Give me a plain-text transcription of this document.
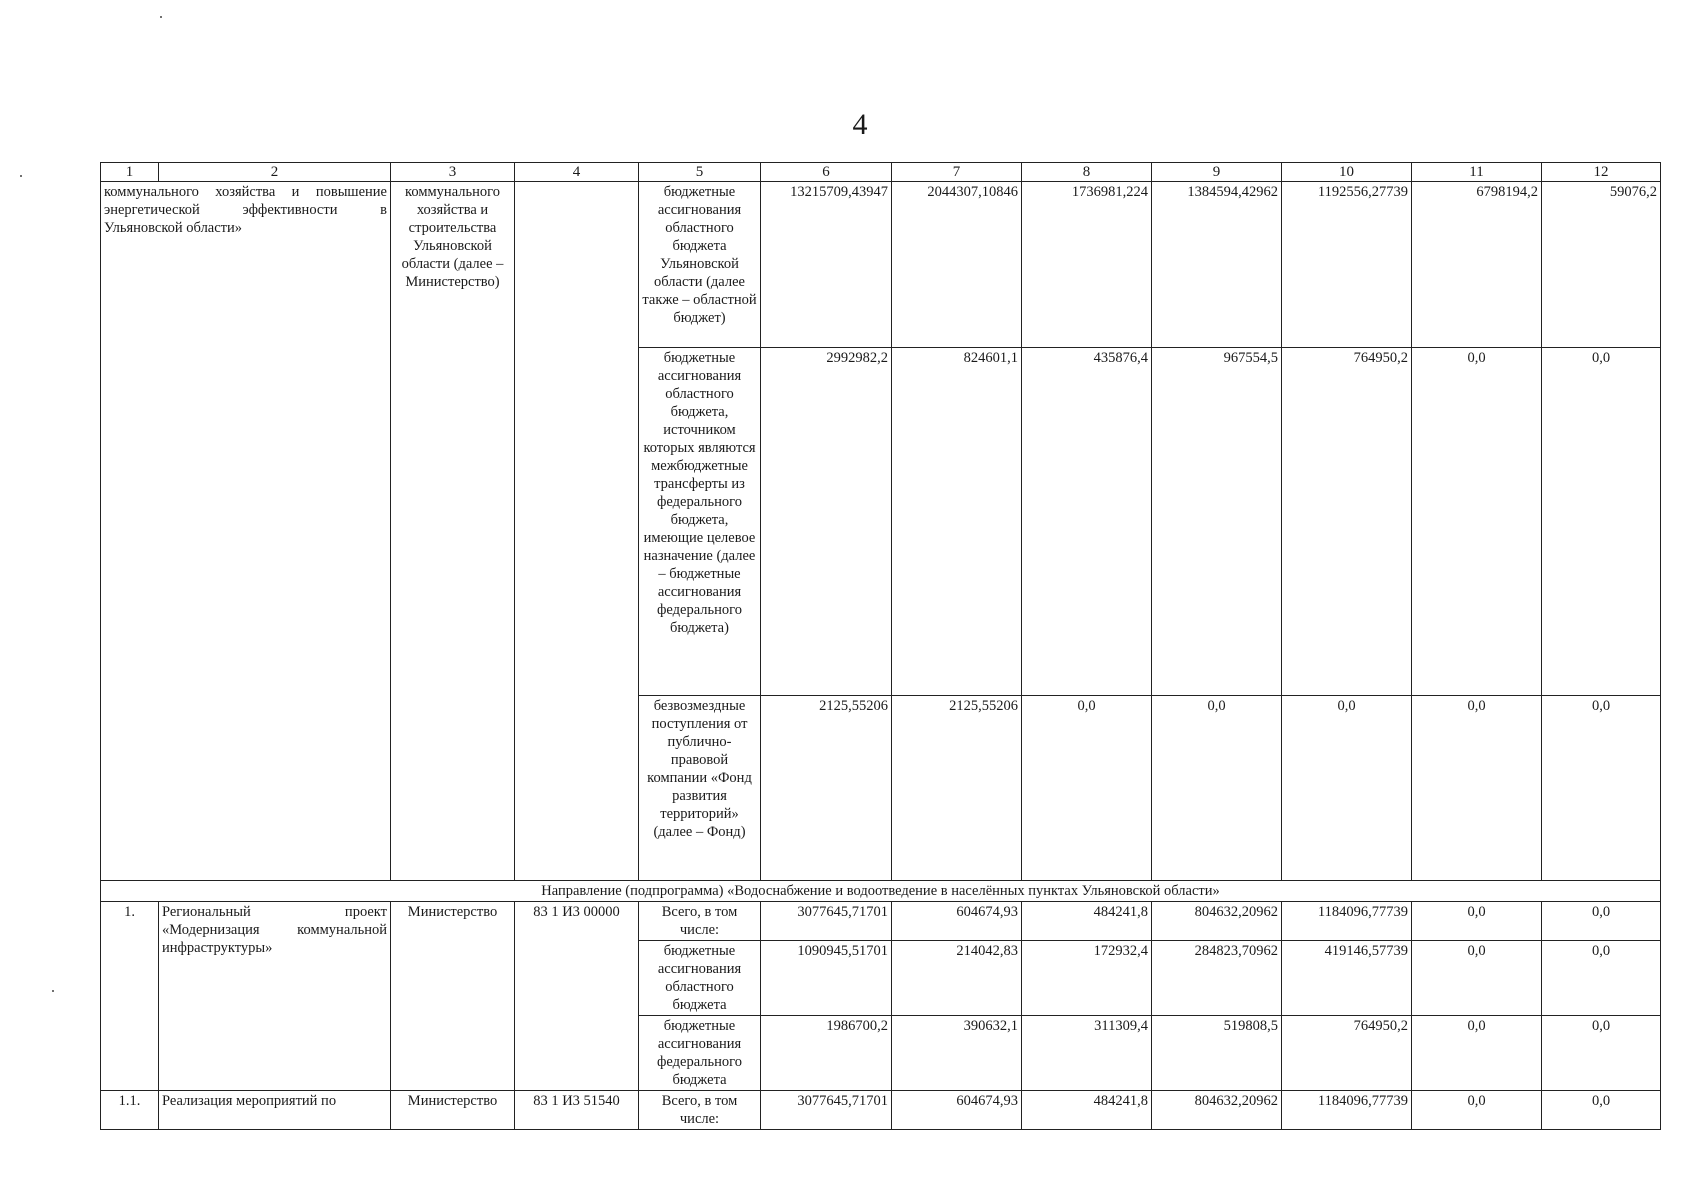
4
1	2	3	4	5	6	7	8	9	10	11	12
коммунального хозяйства и повышение энергетической эффективности в Ульяновской области»		коммунального хозяйства и строительства Ульяновской области (далее – Министерство)		бюджетные ассигнования областного бюджета Ульяновской области (далее также – областной бюджет)	13215709,43947	2044307,10846	1736981,224	1384594,42962	1192556,27739	6798194,2	59076,2
				бюджетные ассигнования областного бюджета, источником которых являются межбюджетные трансферты из федерального бюджета, имеющие целевое назначение (далее – бюджетные ассигнования федерального бюджета)	2992982,2	824601,1	435876,4	967554,5	764950,2	0,0	0,0
				безвозмездные поступления от публично-правовой компании «Фонд развития территорий» (далее – Фонд)	2125,55206	2125,55206	0,0	0,0	0,0	0,0	0,0
Направление (подпрограмма) «Водоснабжение и водоотведение в населённых пунктах Ульяновской области»											
1.	Региональный проект «Модернизация коммунальной инфраструктуры»	Министерство	83 1 И3 00000	Всего, в том числе:	3077645,71701	604674,93	484241,8	804632,20962	1184096,77739	0,0	0,0
				бюджетные ассигнования областного бюджета	1090945,51701	214042,83	172932,4	284823,70962	419146,57739	0,0	0,0
				бюджетные ассигнования федерального бюджета	1986700,2	390632,1	311309,4	519808,5	764950,2	0,0	0,0
1.1.	Реализация мероприятий по	Министерство	83 1 И3 51540	Всего, в том числе:	3077645,71701	604674,93	484241,8	804632,20962	1184096,77739	0,0	0,0
